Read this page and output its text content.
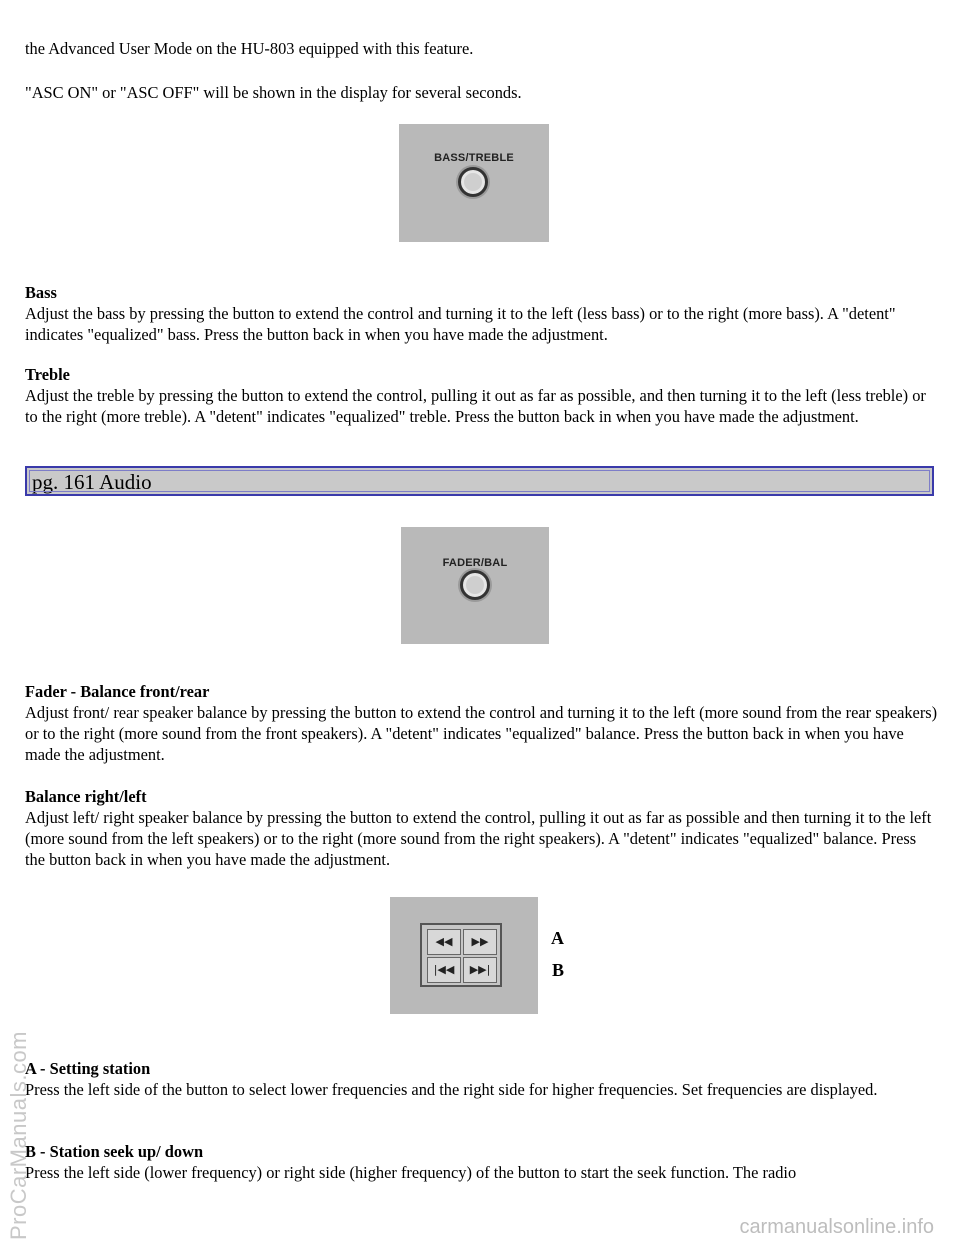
the Advanced User Mode on the HU-803 equipped with this feature.

"ASC ON" or "ASC OFF" will be shown in the display for several seconds.

BASS/TREBLE

Bass

Adjust the bass by pressing the button to extend the control and turning it to the left (less bass) or to the right (more bass). A "detent" indicates "equalized" bass. Press the button back in when you have made the adjustment.

Treble

Adjust the treble by pressing the button to extend the control, pulling it out as far as possible, and then turning it to the left (less treble) or to the right (more treble). A "detent" indicates "equalized" treble. Press the button back in when you have made the adjustment.

pg. 161 Audio
FADER/BAL

Fader - Balance front/rear

Adjust front/ rear speaker balance by pressing the button to extend the control and turning it to the left (more sound from the rear speakers) or to the right (more sound from the front speakers). A "detent" indicates "equalized" balance. Press the button back in when you have made the adjustment.

Balance right/left

Adjust left/ right speaker balance by pressing the button to extend the control, pulling it out as far as possible and then turning it to the left (more sound from the left speakers) or to the right (more sound from the right speakers). A "detent" indicates "equalized" balance. Press the button back in when you have made the adjustment.

◀◀	▶▶
|◀◀	▶▶|
A
B

A - Setting station

Press the left side of the button to select lower frequencies and the right side for higher frequencies. Set frequencies are displayed.

B - Station seek up/ down

Press the left side (lower frequency) or right side (higher frequency) of the button to start the seek function. The radio

ProCarManuals.com	carmanualsonline.info
